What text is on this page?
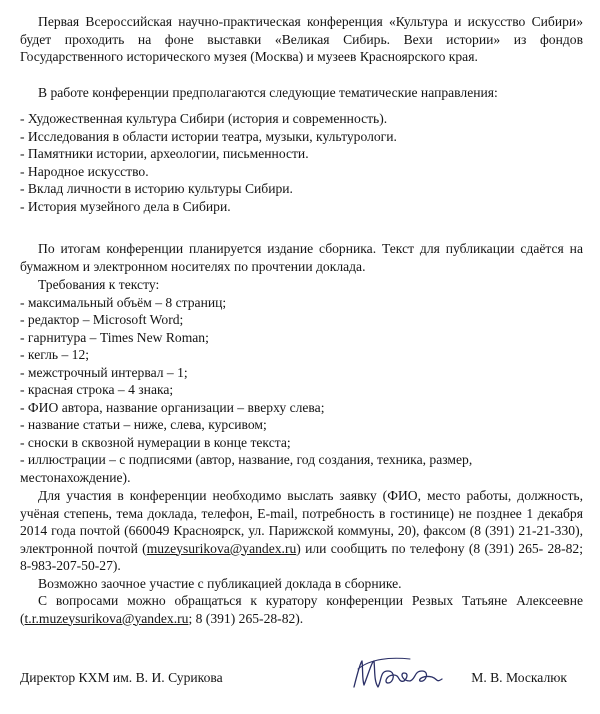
Первая Всероссийская научно-практическая конференция «Культура и искусство Сибири» будет проходить на фоне выставки «Великая Сибирь. Вехи истории» из фондов Государственного исторического музея (Москва) и музеев Красноярского края.
В работе конференции предполагаются следующие тематические направления:
- Художественная культура Сибири (история и современность).
- Исследования в области истории театра, музыки, культурологи.
- Памятники истории, археологии, письменности.
- Народное искусство.
- Вклад личности в историю культуры Сибири.
- История музейного дела в Сибири.
По итогам конференции планируется издание сборника. Текст для публикации сдаётся на бумажном и электронном носителях по прочтении доклада.
Требования к тексту:
- максимальный объём – 8 страниц;
- редактор – Microsoft Word;
- гарнитура – Times New Roman;
- кегль – 12;
- межстрочный интервал – 1;
- красная строка – 4 знака;
- ФИО автора, название организации – вверху слева;
- название статьи – ниже, слева, курсивом;
- сноски в сквозной нумерации в конце текста;
- иллюстрации – с подписями (автор, название, год создания, техника, размер,
местонахождение).
Для участия в конференции необходимо выслать заявку (ФИО, место работы, должность, учёная степень, тема доклада, телефон, E-mail, потребность в гостинице) не позднее 1 декабря 2014 года почтой (660049 Красноярск, ул. Парижской коммуны, 20), факсом (8 (391) 21-21-330), электронной почтой (muzeysurikova@yandex.ru) или сообщить по телефону (8 (391) 265- 28-82; 8-983-207-50-27).
Возможно заочное участие с публикацией доклада в сборнике.
С вопросами можно обращаться к куратору конференции Резвых Татьяне Алексеевне (t.r.muzeysurikova@yandex.ru; 8 (391) 265-28-82).
Директор КХМ им. В. И. Сурикова	М. В. Москалюк
